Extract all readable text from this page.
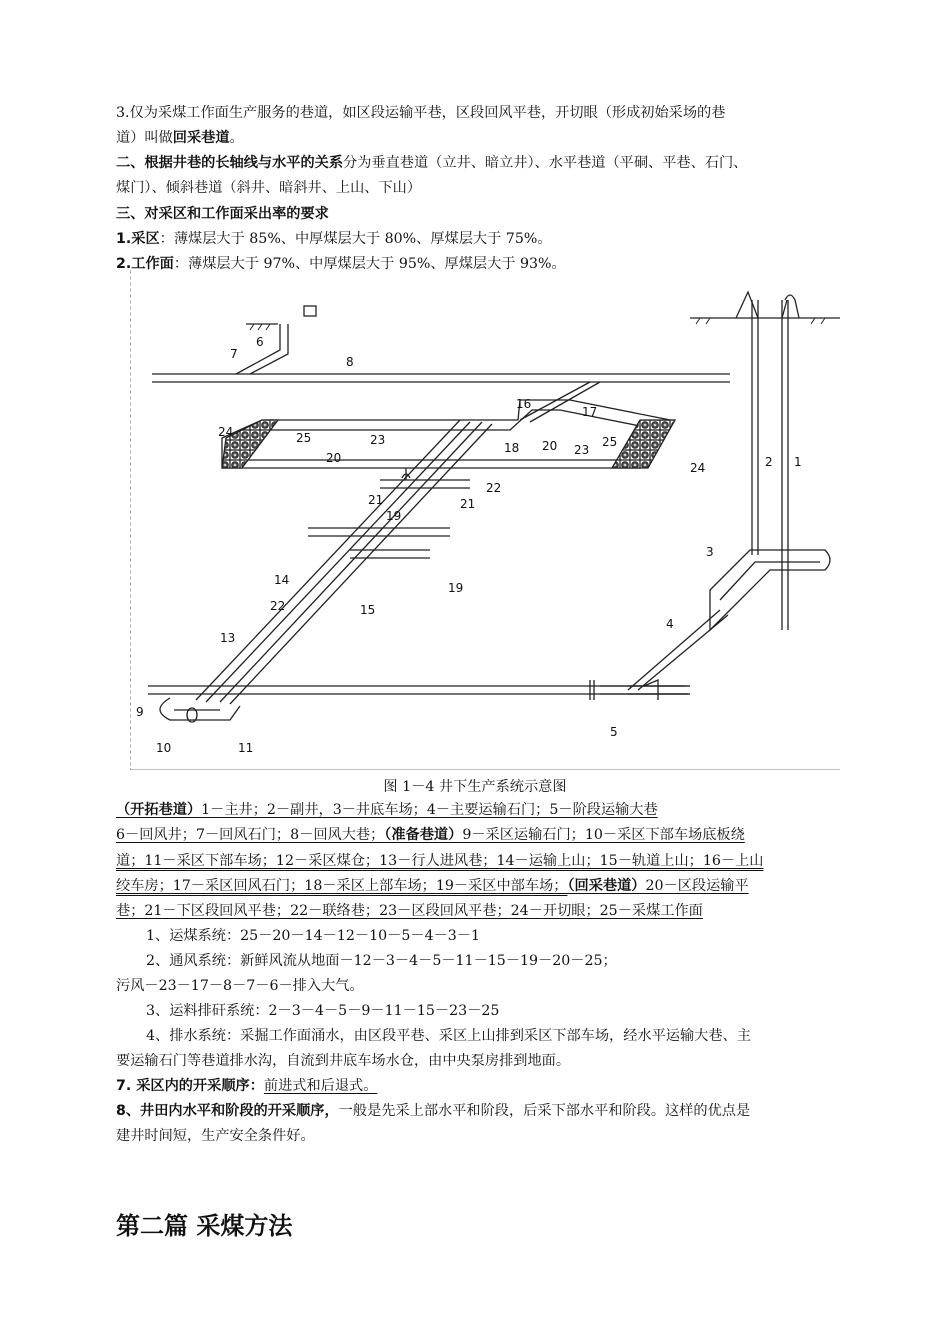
3.仅为采煤工作面生产服务的巷道，如区段运输平巷，区段回风平巷，开切眼（形成初始采场的巷
道）叫做回采巷道。
二、根据井巷的长轴线与水平的关系分为垂直巷道（立井、暗立井）、水平巷道（平硐、平巷、石门、
煤门）、倾斜巷道（斜井、暗斜井、上山、下山）
三、对采区和工作面采出率的要求
1.采区：薄煤层大于 85%、中厚煤层大于 80%、厚煤层大于 75%。
2.工作面：薄煤层大于 97%、中厚煤层大于 95%、厚煤层大于 93%。
1
2
3
4
5
6
7
8
9
10	11
13
14
15
16
17
18
19
19
20
20
21	21
22
22
23
23
24
24
25	25
图 1－4 井下生产系统示意图
（开拓巷道）1－主井；2－副井，3－井底车场；4－主要运输石门；5－阶段运输大巷
6－回风井；7－回风石门；8－回风大巷；（准备巷道）9－采区运输石门；10－采区下部车场底板绕
道；11－采区下部车场；12－采区煤仓；13－行人进风巷；14－运输上山；15－轨道上山；16－上山
绞车房；17－采区回风石门；18－采区上部车场；19－采区中部车场；（回采巷道）20－区段运输平
巷；21－下区段回风平巷；22－联络巷；23－区段回风平巷；24－开切眼；25－采煤工作面
1、运煤系统：25－20－14－12－10－5－4－3－1
2、通风系统：新鲜风流从地面－12－3－4－5－11－15－19－20－25；
污风－23－17－8－7－6－排入大气。
3、运料排矸系统：2－3－4－5－9－11－15－23－25
4、排水系统：采掘工作面涌水，由区段平巷、采区上山排到采区下部车场，经水平运输大巷、主
要运输石门等巷道排水沟，自流到井底车场水仓，由中央泵房排到地面。
7. 采区内的开采顺序：前进式和后退式。
8、井田内水平和阶段的开采顺序，一般是先采上部水平和阶段，后采下部水平和阶段。这样的优点是
建井时间短，生产安全条件好。
第二篇 采煤方法
